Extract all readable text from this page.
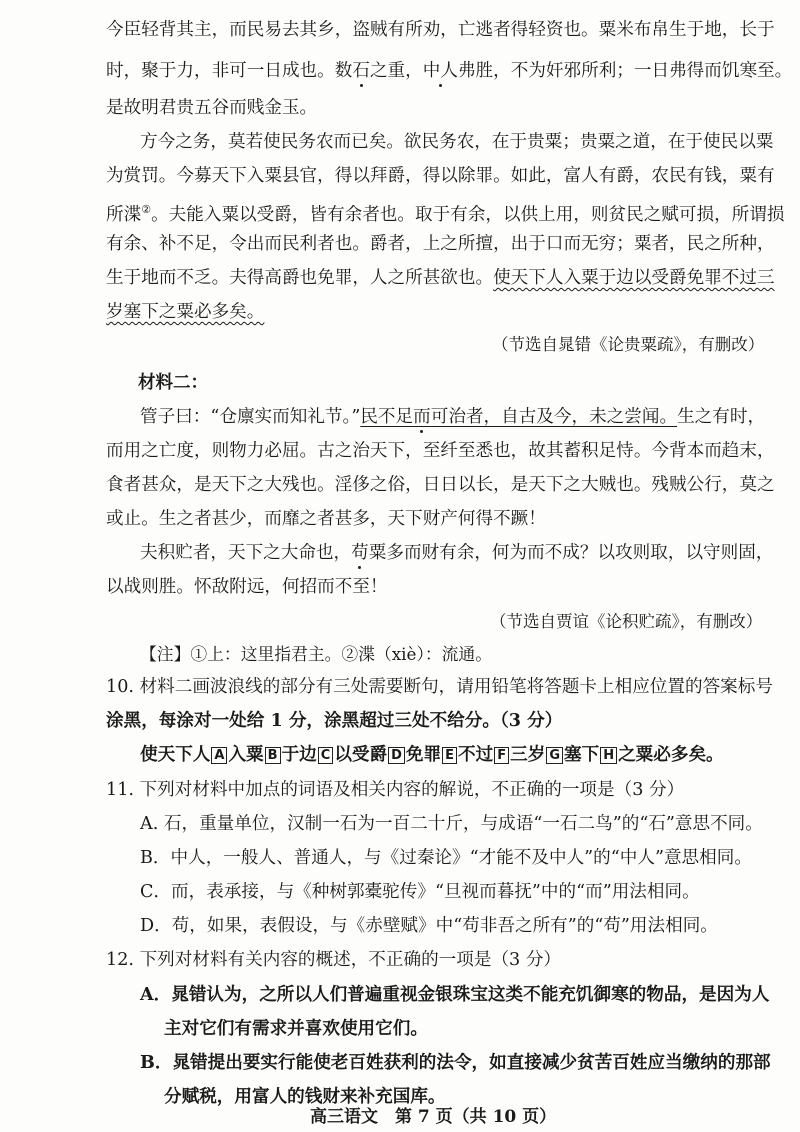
今臣轻背其主，而民易去其乡，盗贼有所劝，亡逃者得轻资也。粟米布帛生于地，长于
时，聚于力，非可一日成也。数石之重，中人弗胜，不为奸邪所利；一日弗得而饥寒至。
是故明君贵五谷而贱金玉。
方今之务，莫若使民务农而已矣。欲民务农，在于贵粟；贵粟之道，在于使民以粟
为赏罚。今募天下入粟县官，得以拜爵，得以除罪。如此，富人有爵，农民有钱，粟有
所渫②。夫能入粟以受爵，皆有余者也。取于有余，以供上用，则贫民之赋可损，所谓损
有余、补不足，令出而民利者也。爵者，上之所擅，出于口而无穷；粟者，民之所种，
生于地而不乏。夫得高爵也免罪，人之所甚欲也。使天下人入粟于边以受爵免罪不过三
岁塞下之粟必多矣。
（节选自晁错《论贵粟疏》，有删改）
材料二：
管子曰：“仓廪实而知礼节。”民不足而可治者，自古及今，未之尝闻。生之有时，
而用之亡度，则物力必屈。古之治天下，至纤至悉也，故其蓄积足恃。今背本而趋末，
食者甚众，是天下之大残也。淫侈之俗，日日以长，是天下之大贼也。残贼公行，莫之
或止。生之者甚少，而靡之者甚多，天下财产何得不蹶！
夫积贮者，天下之大命也，苟粟多而财有余，何为而不成？以攻则取，以守则固，
以战则胜。怀敌附远，何招而不至！
（节选自贾谊《论积贮疏》，有删改）
【注】①上：这里指君主。②渫（xiè）：流通。
10. 材料二画波浪线的部分有三处需要断句，请用铅笔将答题卡上相应位置的答案标号
涂黑，每涂对一处给 1 分，涂黑超过三处不给分。（3 分）
使天下人 A 入粟 B 于边 C 以受爵 D 免罪 E 不过 F 三岁 G 塞下 H 之粟必多矣。
11. 下列对材料中加点的词语及相关内容的解说，不正确的一项是（3 分）
A. 石，重量单位，汉制一石为一百二十斤，与成语“一石二鸟”的“石”意思不同。
B．中人，一般人、普通人，与《过秦论》“才能不及中人”的“中人”意思相同。
C．而，表承接，与《种树郭橐驼传》“旦视而暮抚”中的“而”用法相同。
D．苟，如果，表假设，与《赤壁赋》中“苟非吾之所有”的“苟”用法相同。
12. 下列对材料有关内容的概述，不正确的一项是（3 分）
A．晁错认为，之所以人们普遍重视金银珠宝这类不能充饥御寒的物品，是因为人
主对它们有需求并喜欢使用它们。
B．晁错提出要实行能使老百姓获利的法令，如直接减少贫苦百姓应当缴纳的那部
分赋税，用富人的钱财来补充国库。
高三语文　第 7 页（共 10 页）
